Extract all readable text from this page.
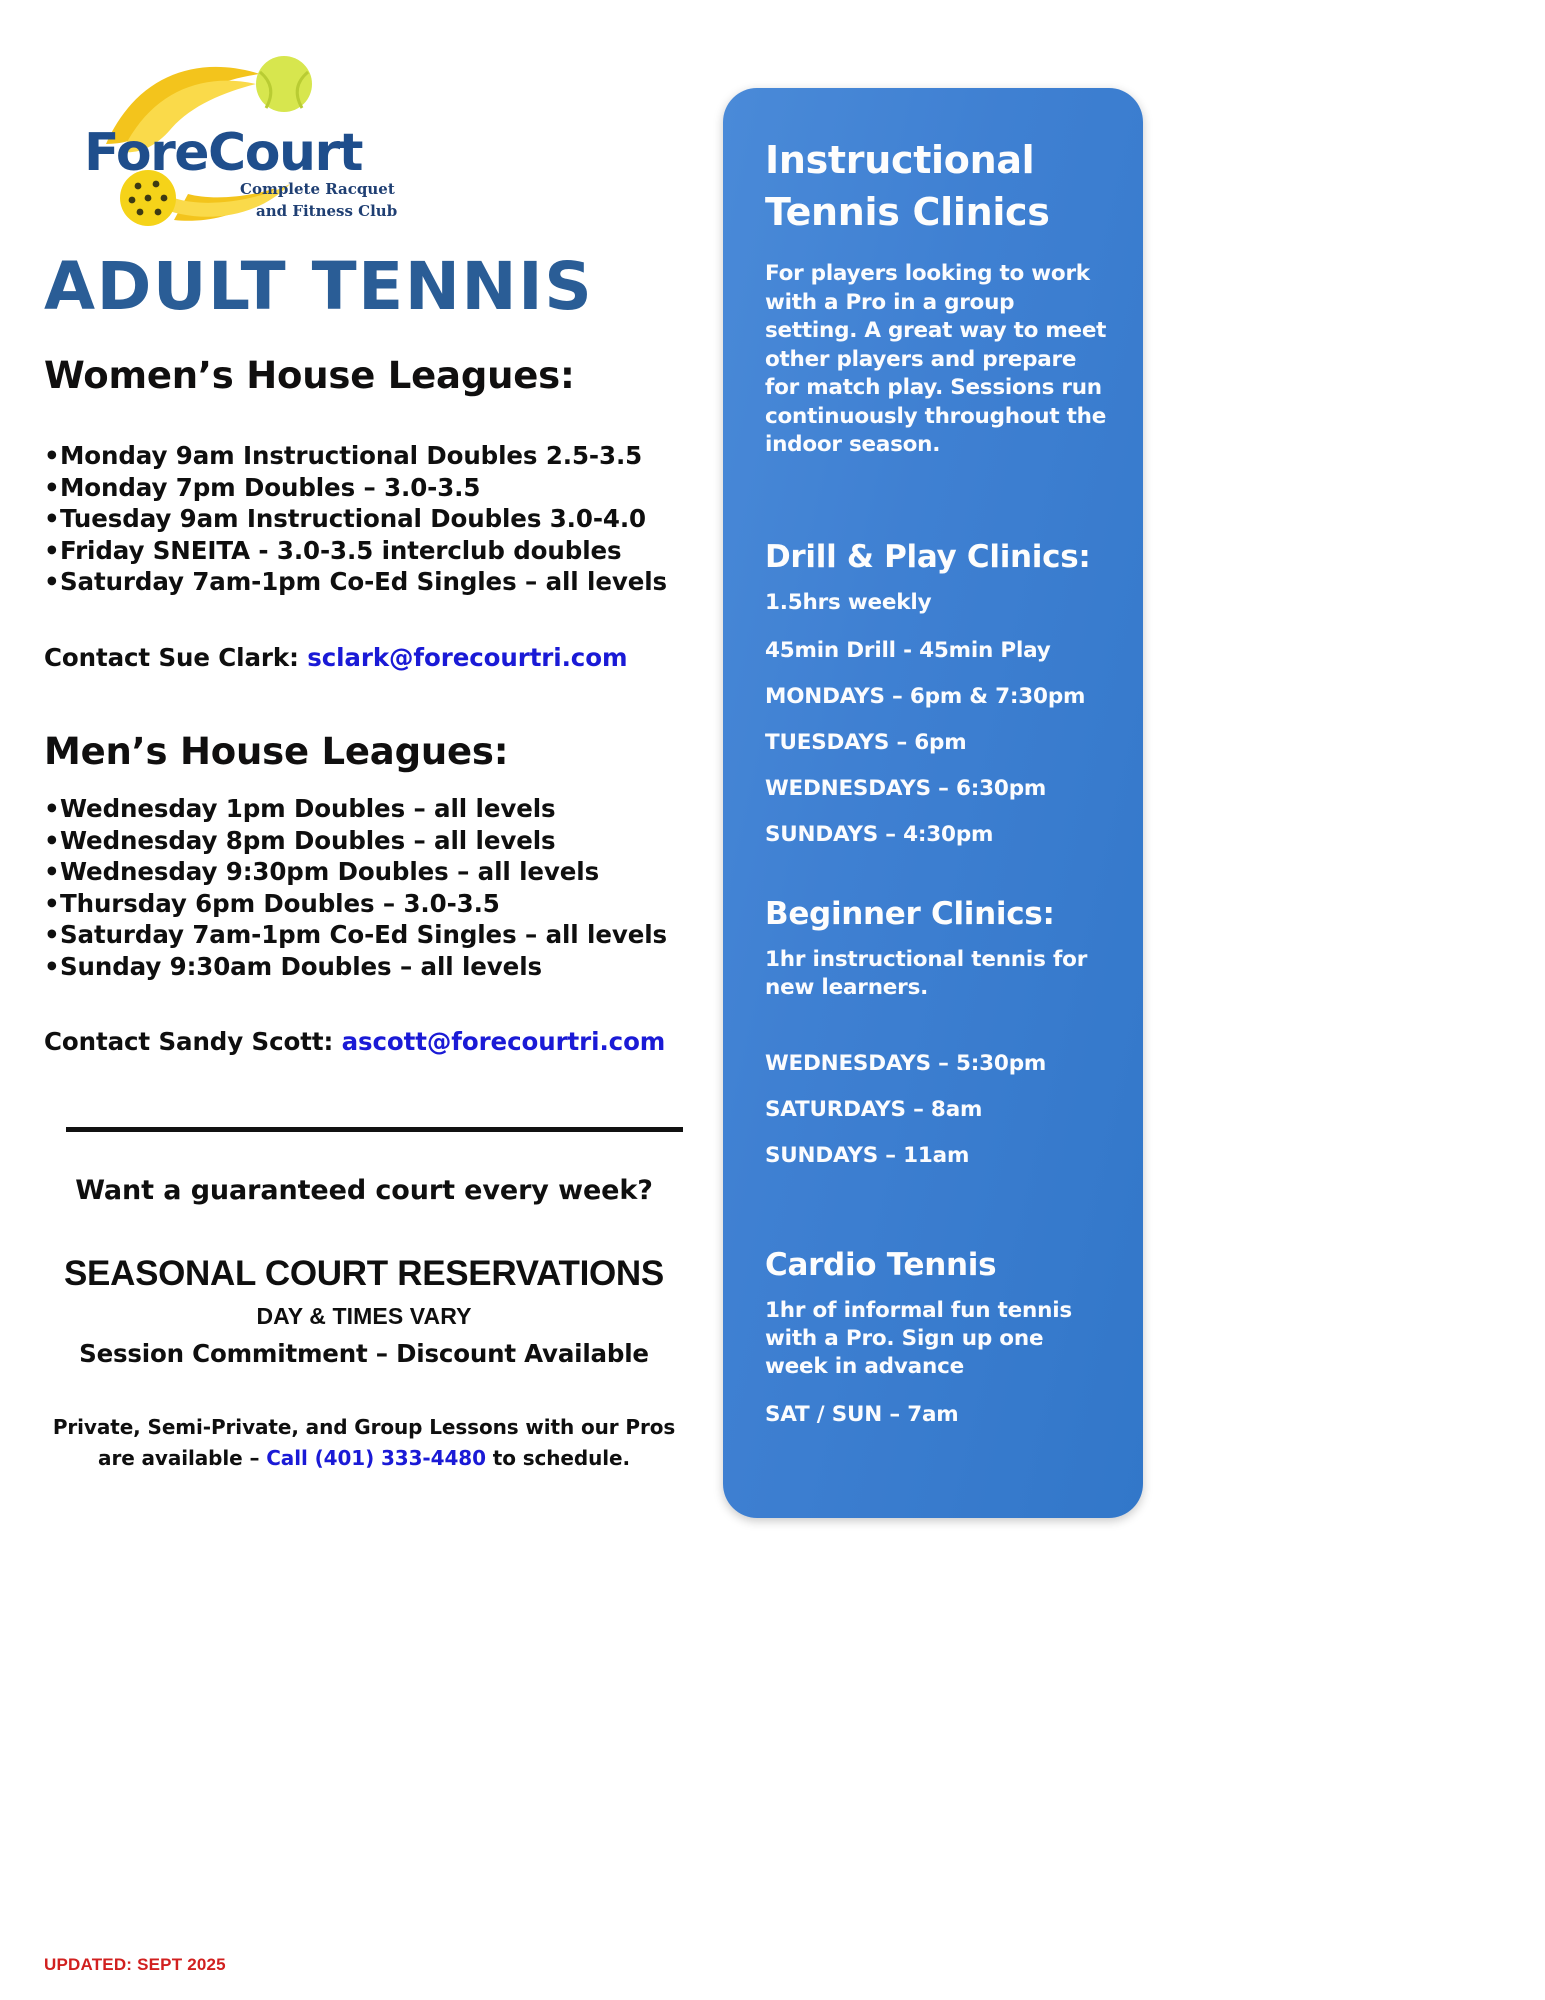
ForeCourt
Complete Racquet
and Fitness Club
ADULT TENNIS
Women’s House Leagues:
• Monday 9am Instructional Doubles 2.5-3.5
• Monday 7pm Doubles – 3.0-3.5
• Tuesday 9am Instructional Doubles 3.0-4.0
• Friday SNEITA - 3.0-3.5 interclub doubles
• Saturday 7am-1pm Co-Ed Singles – all levels
Contact Sue Clark: sclark@forecourtri.com
Men’s House Leagues:
• Wednesday 1pm Doubles – all levels
• Wednesday 8pm Doubles – all levels
• Wednesday 9:30pm Doubles – all levels
• Thursday 6pm Doubles – 3.0-3.5
• Saturday 7am-1pm Co-Ed Singles – all levels
• Sunday 9:30am Doubles – all levels
Contact Sandy Scott: ascott@forecourtri.com
Want a guaranteed court every week?
SEASONAL COURT RESERVATIONS
DAY & TIMES VARY
Session Commitment – Discount Available
Private, Semi-Private, and Group Lessons with our Pros
are available – Call (401) 333-4480 to schedule.
UPDATED: SEPT 2025
Instructional
Tennis Clinics
For players looking to work with a Pro in a group setting. A great way to meet other players and prepare for match play. Sessions run continuously throughout the indoor season.
Drill & Play Clinics:
1.5hrs weekly
45min Drill - 45min Play
MONDAYS – 6pm & 7:30pm
TUESDAYS – 6pm
WEDNESDAYS – 6:30pm
SUNDAYS – 4:30pm
Beginner Clinics:
1hr instructional tennis for new learners.
WEDNESDAYS – 5:30pm
SATURDAYS – 8am
SUNDAYS – 11am
Cardio Tennis
1hr of informal fun tennis with a Pro. Sign up one week in advance
SAT / SUN – 7am
